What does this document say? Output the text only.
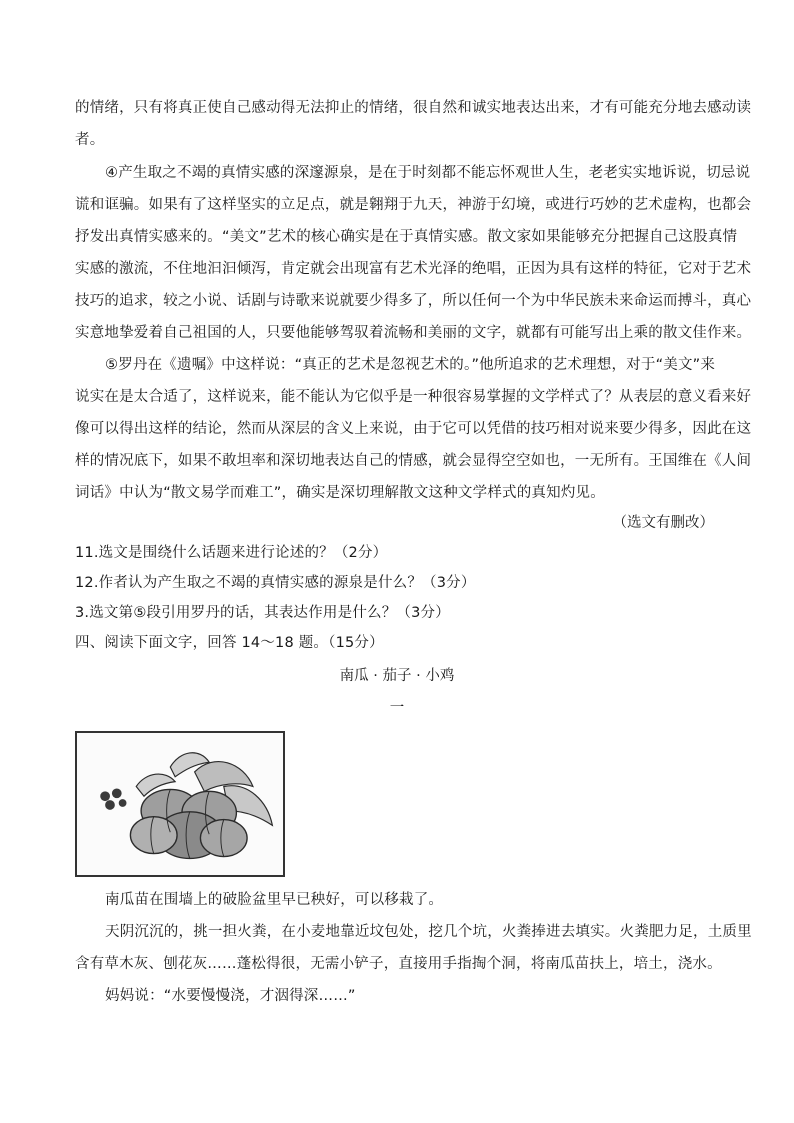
的情绪，只有将真正使自己感动得无法抑止的情绪，很自然和诚实地表达出来，才有可能充分地去感动读
者。
④产生取之不竭的真情实感的深邃源泉，是在于时刻都不能忘怀观世人生，老老实实地诉说，切忌说
谎和诓骗。如果有了这样坚实的立足点，就是翱翔于九天，神游于幻境，或进行巧妙的艺术虚构，也都会
抒发出真情实感来的。“美文”艺术的核心确实是在于真情实感。散文家如果能够充分把握自己这股真情
实感的激流，不住地汩汩倾泻，肯定就会出现富有艺术光泽的绝唱，正因为具有这样的特征，它对于艺术
技巧的追求，较之小说、话剧与诗歌来说就要少得多了，所以任何一个为中华民族未来命运而搏斗，真心
实意地挚爱着自己祖国的人，只要他能够驾驭着流畅和美丽的文字，就都有可能写出上乘的散文佳作来。
⑤罗丹在《遗嘱》中这样说：“真正的艺术是忽视艺术的。”他所追求的艺术理想，对于“美文”来
说实在是太合适了，这样说来，能不能认为它似乎是一种很容易掌握的文学样式了？从表层的意义看来好
像可以得出这样的结论，然而从深层的含义上来说，由于它可以凭借的技巧相对说来要少得多，因此在这
样的情况底下，如果不敢坦率和深切地表达自己的情感，就会显得空空如也，一无所有。王国维在《人间
词话》中认为“散文易学而难工”，确实是深切理解散文这种文学样式的真知灼见。
（选文有删改）
11.选文是围绕什么话题来进行论述的？（2分）
12.作者认为产生取之不竭的真情实感的源泉是什么？（3分）
3.选文第⑤段引用罗丹的话，其表达作用是什么？（3分）
四、阅读下面文字，回答 14～18 题。（15分）
南瓜 · 茄子 · 小鸡
一
南瓜苗在围墙上的破脸盆里早已秧好，可以移栽了。
天阴沉沉的，挑一担火粪，在小麦地靠近坟包处，挖几个坑，火粪捧进去填实。火粪肥力足，土质里
含有草木灰、刨花灰……蓬松得很，无需小铲子，直接用手指掏个洞，将南瓜苗扶上，培土，浇水。
妈妈说：“水要慢慢浇，才洇得深……”
